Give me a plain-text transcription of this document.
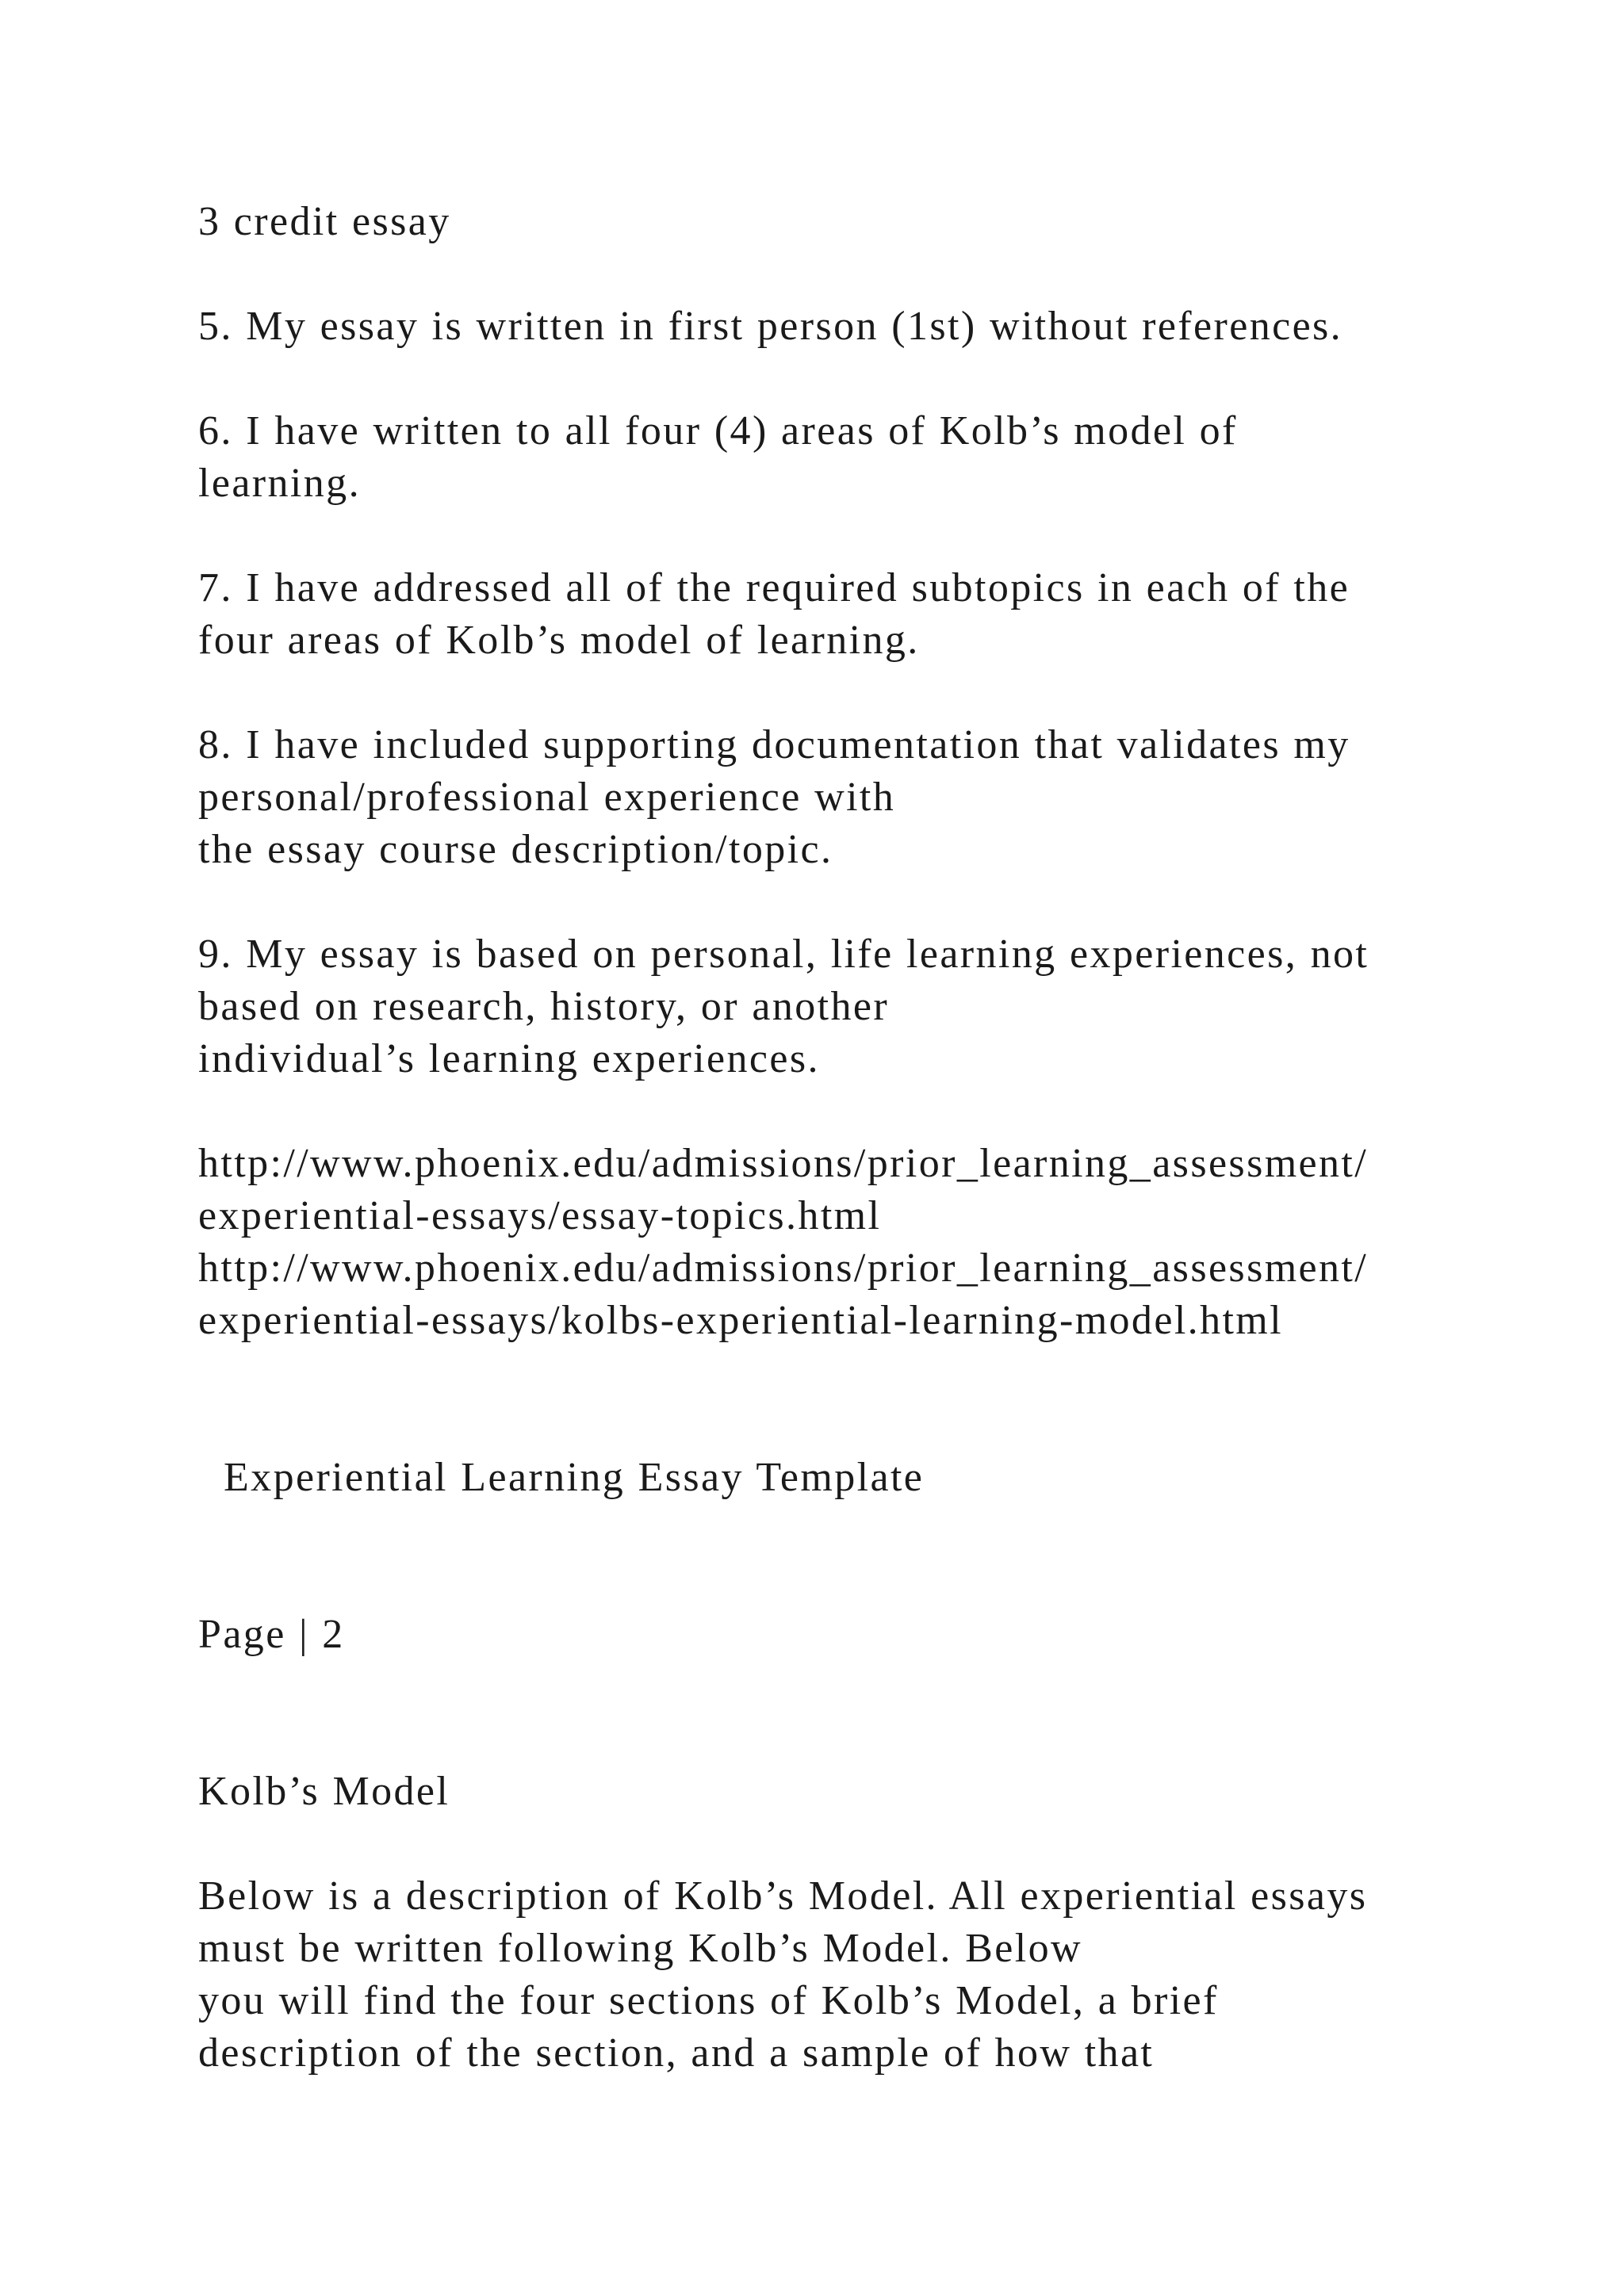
3 credit essay
5. My essay is written in first person (1st) without references.
6. I have written to all four (4) areas of Kolb’s model of
learning.
7. I have addressed all of the required subtopics in each of the
four areas of Kolb’s model of learning.
8. I have included supporting documentation that validates my
personal/professional experience with
the essay course description/topic.
9. My essay is based on personal, life learning experiences, not
based on research, history, or another
individual’s learning experiences.
http://www.phoenix.edu/admissions/prior_learning_assessment/
experiential-essays/essay-topics.html
http://www.phoenix.edu/admissions/prior_learning_assessment/
experiential-essays/kolbs-experiential-learning-model.html
Experiential Learning Essay Template
Page | 2
Kolb’s Model
Below is a description of Kolb’s Model. All experiential essays
must be written following Kolb’s Model. Below
you will find the four sections of Kolb’s Model, a brief
description of the section, and a sample of how that
